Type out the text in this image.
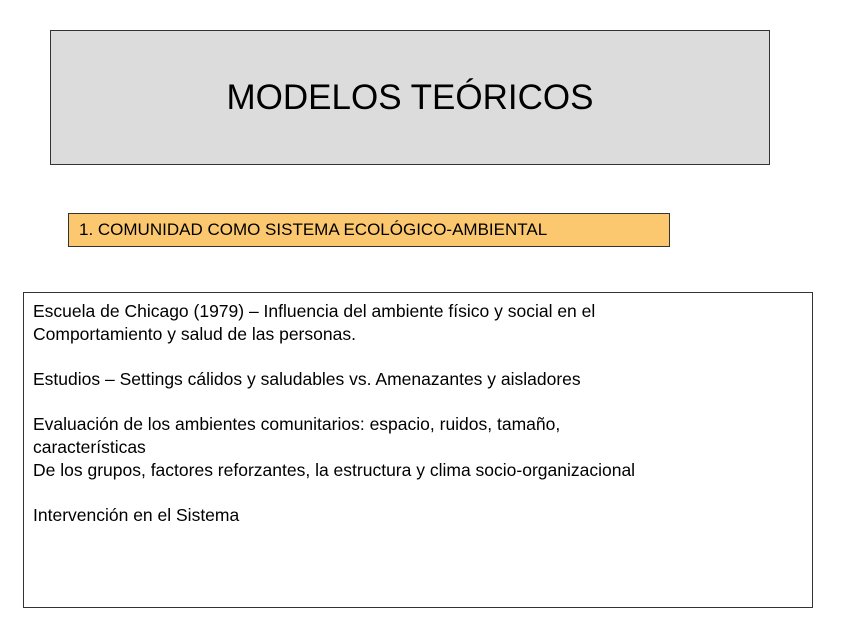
MODELOS TEÓRICOS
1. COMUNIDAD COMO SISTEMA ECOLÓGICO-AMBIENTAL

Escuela de Chicago (1979) – Influencia del ambiente físico y social en el

Comportamiento y salud de las personas.

Estudios – Settings cálidos y saludables vs. Amenazantes y aisladores

Evaluación de los ambientes comunitarios: espacio, ruidos, tamaño,

características

De los grupos, factores reforzantes, la estructura y clima socio-organizacional

Intervención en el Sistema
